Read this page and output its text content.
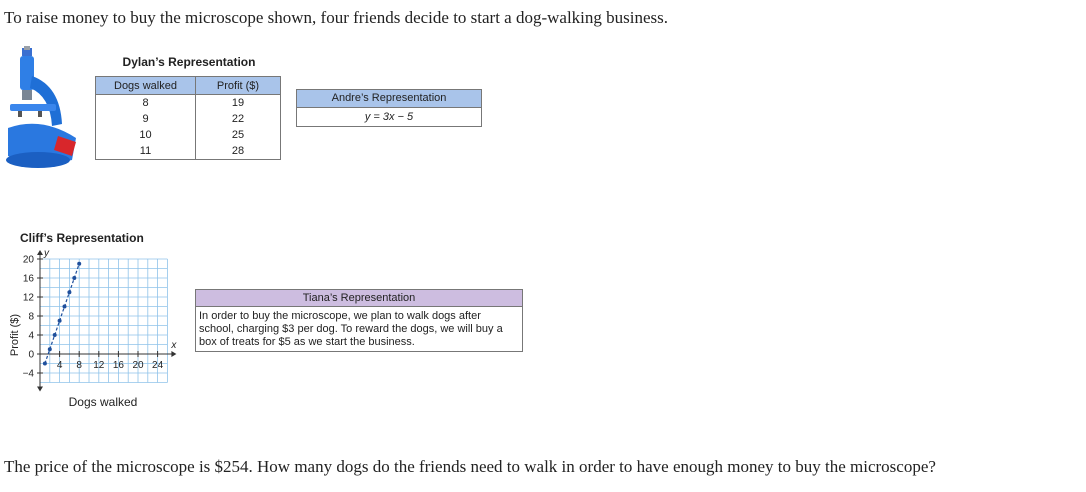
To raise money to buy the microscope shown, four friends decide to start a dog-walking business.
Dylan’s Representation
Dogs walked	Profit ($)
8	19
9	22
10	25
11	28
Andre’s Representation
y = 3x − 5
Cliff’s Representation
−4
0
4
8
12
16
20
4 8 12 16 20 24
y
x
Dogs walked
Profit ($)
Tiana’s Representation
In order to buy the microscope, we plan to walk dogs after school, charging $3 per dog. To reward the dogs, we will buy a box of treats for $5 as we start the business.
The price of the microscope is $254. How many dogs do the friends need to walk in order to have enough money to buy the microscope?
